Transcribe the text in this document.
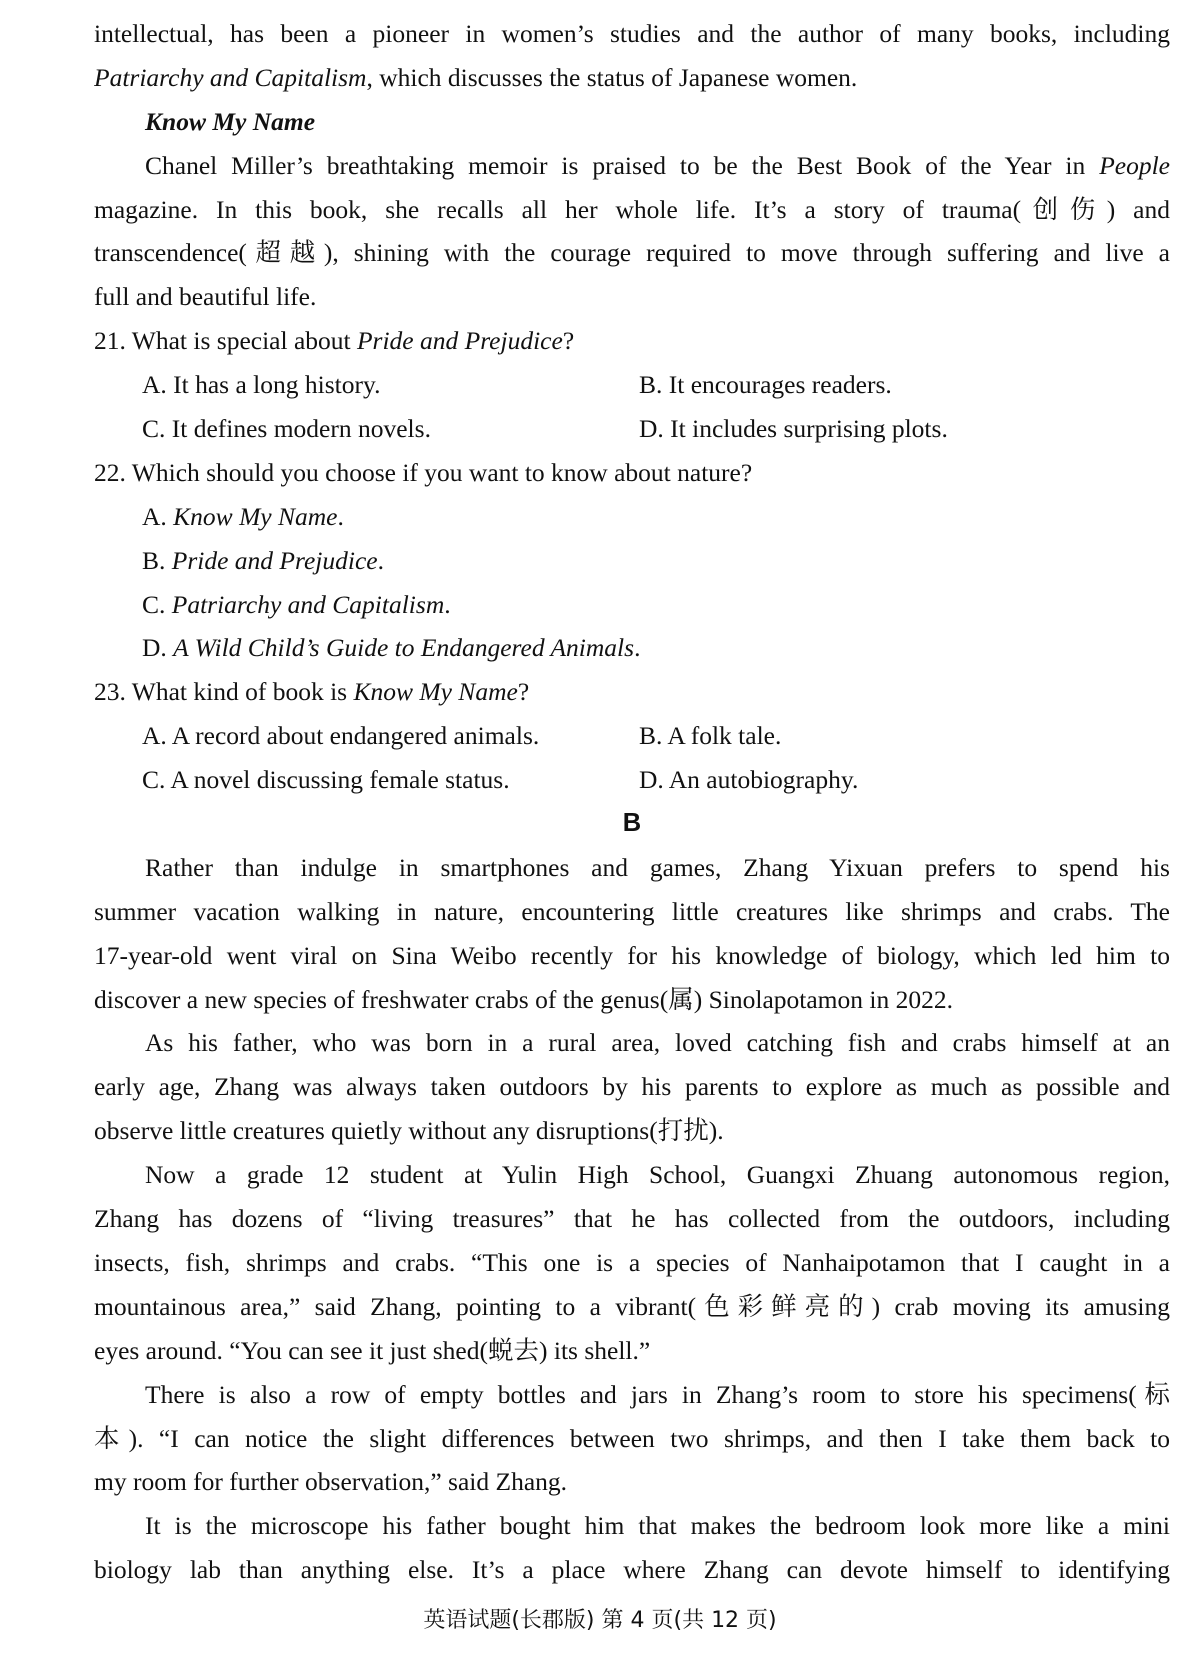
intellectual, has been a pioneer in women’s studies and the author of many books, including
Patriarchy and Capitalism, which discusses the status of Japanese women.
Know My Name
Chanel Miller’s breathtaking memoir is praised to be the Best Book of the Year in People
magazine. In this book, she recalls all her whole life. It’s a story of trauma(创伤) and
transcendence(超越), shining with the courage required to move through suffering and live a
full and beautiful life.
21. What is special about Pride and Prejudice?
A. It has a long history.	B. It encourages readers.
C. It defines modern novels.	D. It includes surprising plots.
22. Which should you choose if you want to know about nature?
A. Know My Name.
B. Pride and Prejudice.
C. Patriarchy and Capitalism.
D. A Wild Child’s Guide to Endangered Animals.
23. What kind of book is Know My Name?
A. A record about endangered animals.	B. A folk tale.
C. A novel discussing female status.	D. An autobiography.
B
Rather than indulge in smartphones and games, Zhang Yixuan prefers to spend his
summer vacation walking in nature, encountering little creatures like shrimps and crabs. The
17-year-old went viral on Sina Weibo recently for his knowledge of biology, which led him to
discover a new species of freshwater crabs of the genus(属) Sinolapotamon in 2022.
As his father, who was born in a rural area, loved catching fish and crabs himself at an
early age, Zhang was always taken outdoors by his parents to explore as much as possible and
observe little creatures quietly without any disruptions(打扰).
Now a grade 12 student at Yulin High School, Guangxi Zhuang autonomous region,
Zhang has dozens of “living treasures” that he has collected from the outdoors, including
insects, fish, shrimps and crabs. “This one is a species of Nanhaipotamon that I caught in a
mountainous area,” said Zhang, pointing to a vibrant(色彩鲜亮的) crab moving its amusing
eyes around. “You can see it just shed(蜕去) its shell.”
There is also a row of empty bottles and jars in Zhang’s room to store his specimens(标
本). “I can notice the slight differences between two shrimps, and then I take them back to
my room for further observation,” said Zhang.
It is the microscope his father bought him that makes the bedroom look more like a mini
biology lab than anything else. It’s a place where Zhang can devote himself to identifying
英语试题(长郡版) 第 4 页(共 12 页)
